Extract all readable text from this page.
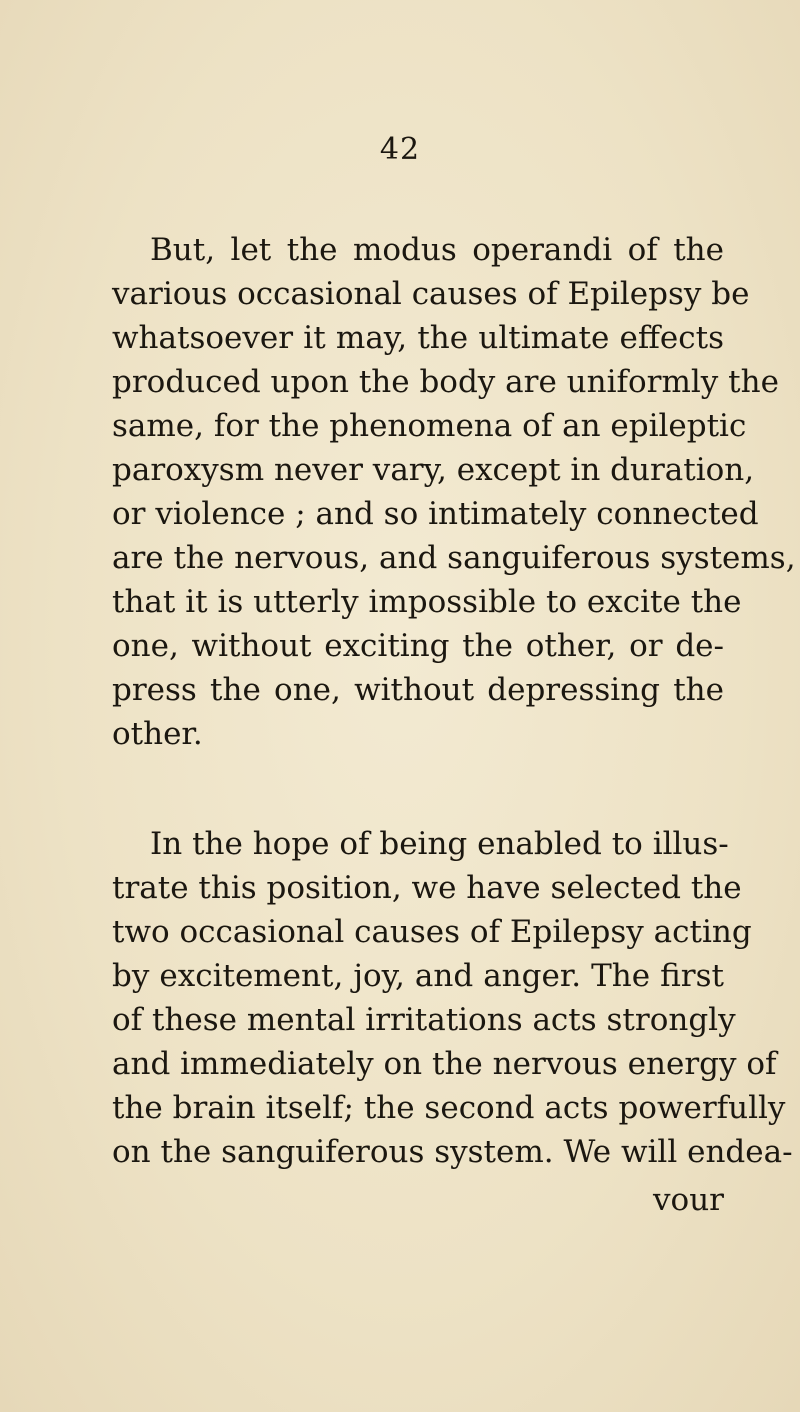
42
But, let the modus operandi of the
various occasional causes of Epilepsy be
whatsoever it may, the ultimate effects
produced upon the body are uniformly the
same, for the phenomena of an epileptic
paroxysm never vary, except in duration,
or violence ; and so intimately connected
are the nervous, and sanguiferous systems,
that it is utterly impossible to excite the
one, without exciting the other, or de-
press the one, without depressing the
other.
In the hope of being enabled to illus-
trate this position, we have selected the
two occasional causes of Epilepsy acting
by excitement, joy, and anger. The first
of these mental irritations acts strongly
and immediately on the nervous energy of
the brain itself; the second acts powerfully
on the sanguiferous system. We will endea-
vour
